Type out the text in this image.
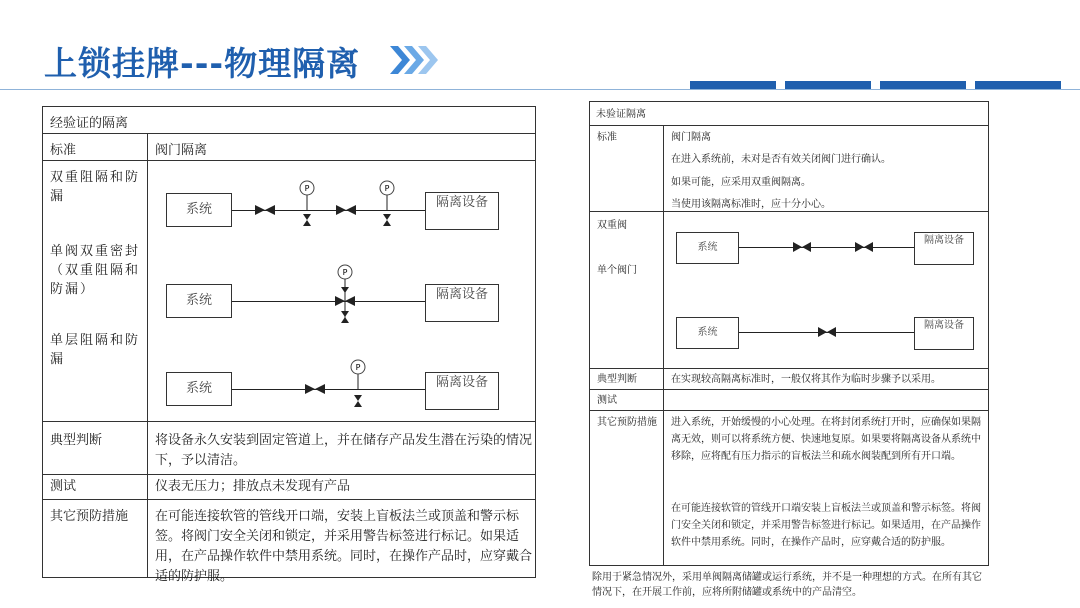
上锁挂牌---物理隔离
经验证的隔离
标准	阀门隔离
双重阻隔和防漏
单阀双重密封（双重阻隔和防漏）
单层阻隔和防漏
系统	隔离设备
P	P
系统	隔离设备
P
系统	隔离设备
P
典型判断	将设备永久安装到固定管道上，并在储存产品发生潜在污染的情况下，予以清洁。
测试	仪表无压力；排放点未发现有产品
其它预防措施 在可能连接软管的管线开口端，安装上盲板法兰或顶盖和警示标签。将阀门安全关闭和锁定，并采用警告标签进行标记。如果适用，在产品操作软件中禁用系统。同时，在操作产品时，应穿戴合适的防护服。
未验证隔离
标准	阀门隔离
在进入系统前，未对是否有效关闭阀门进行确认。
如果可能，应采用双重阀隔离。
当使用该隔离标准时，应十分小心。
双重阀
单个阀门
系统
隔离设备
系统
隔离设备
典型判断	在实现较高隔离标准时，一般仅将其作为临时步骤予以采用。
测试
其它预防措施 进入系统，开始缓慢的小心处理。在将封闭系统打开时，应确保如果隔离无效，则可以将系统方便、快速地复原。如果要将隔离设备从系统中移除，应将配有压力指示的盲板法兰和疏水阀装配到所有开口端。
在可能连接软管的管线开口端安装上盲板法兰或顶盖和警示标签。将阀门安全关闭和锁定，并采用警告标签进行标记。如果适用，在产品操作软件中禁用系统。同时，在操作产品时，应穿戴合适的防护服。
除用于紧急情况外，采用单阀隔离储罐或运行系统，并不是一种理想的方式。在所有其它情况下，在开展工作前，应将所附储罐或系统中的产品清空。
